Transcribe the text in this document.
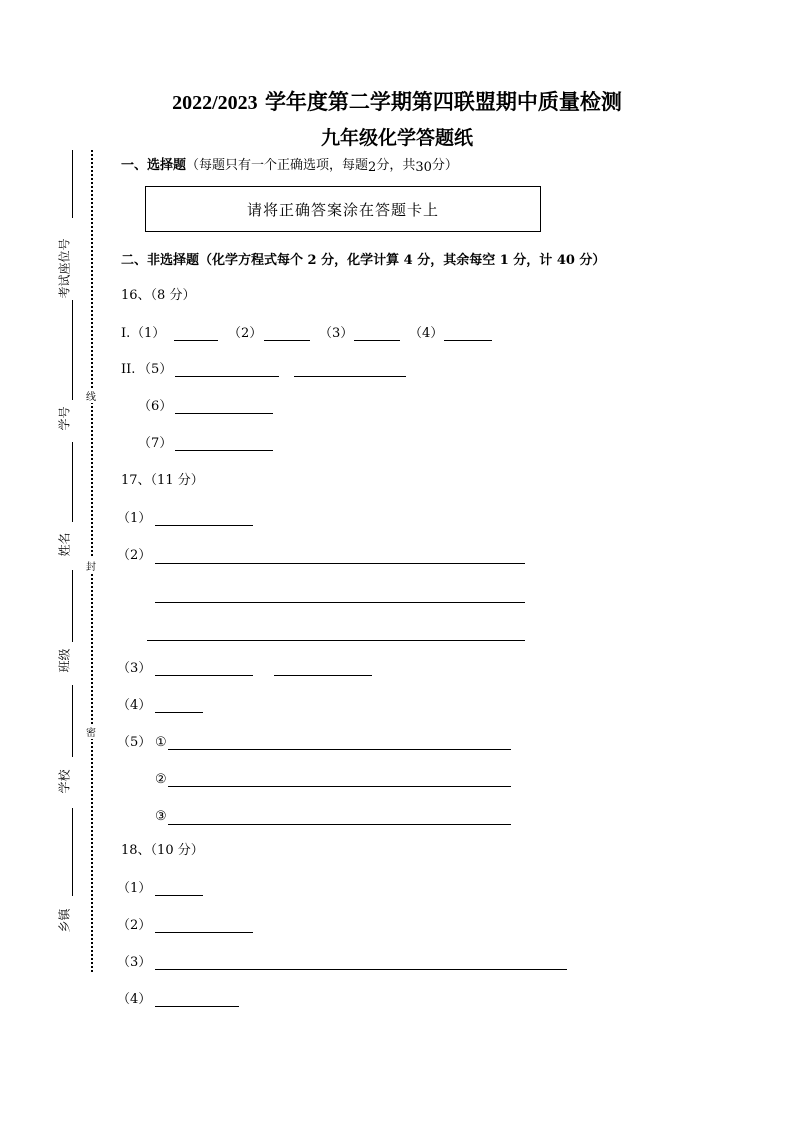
2022/2023 学年度第二学期第四联盟期中质量检测
九年级化学答题纸
考试座位号
学号
姓名
班级
学校
乡镇
线
封
密
一、选择题（每题只有一个正确选项，每题2分，共30分）
请将正确答案涂在答题卡上
二、非选择题（化学方程式每个 2 分，化学计算 4 分，其余每空 1 分，计 40 分）
16、（8 分）
I. （1）	（2）	（3）	（4）
II. （5）
（6）
（7）
17、（11 分）
（1）
（2）
（3）
（4）
（5） ①
②
③
18、（10 分）
（1）
（2）
（3）
（4）
